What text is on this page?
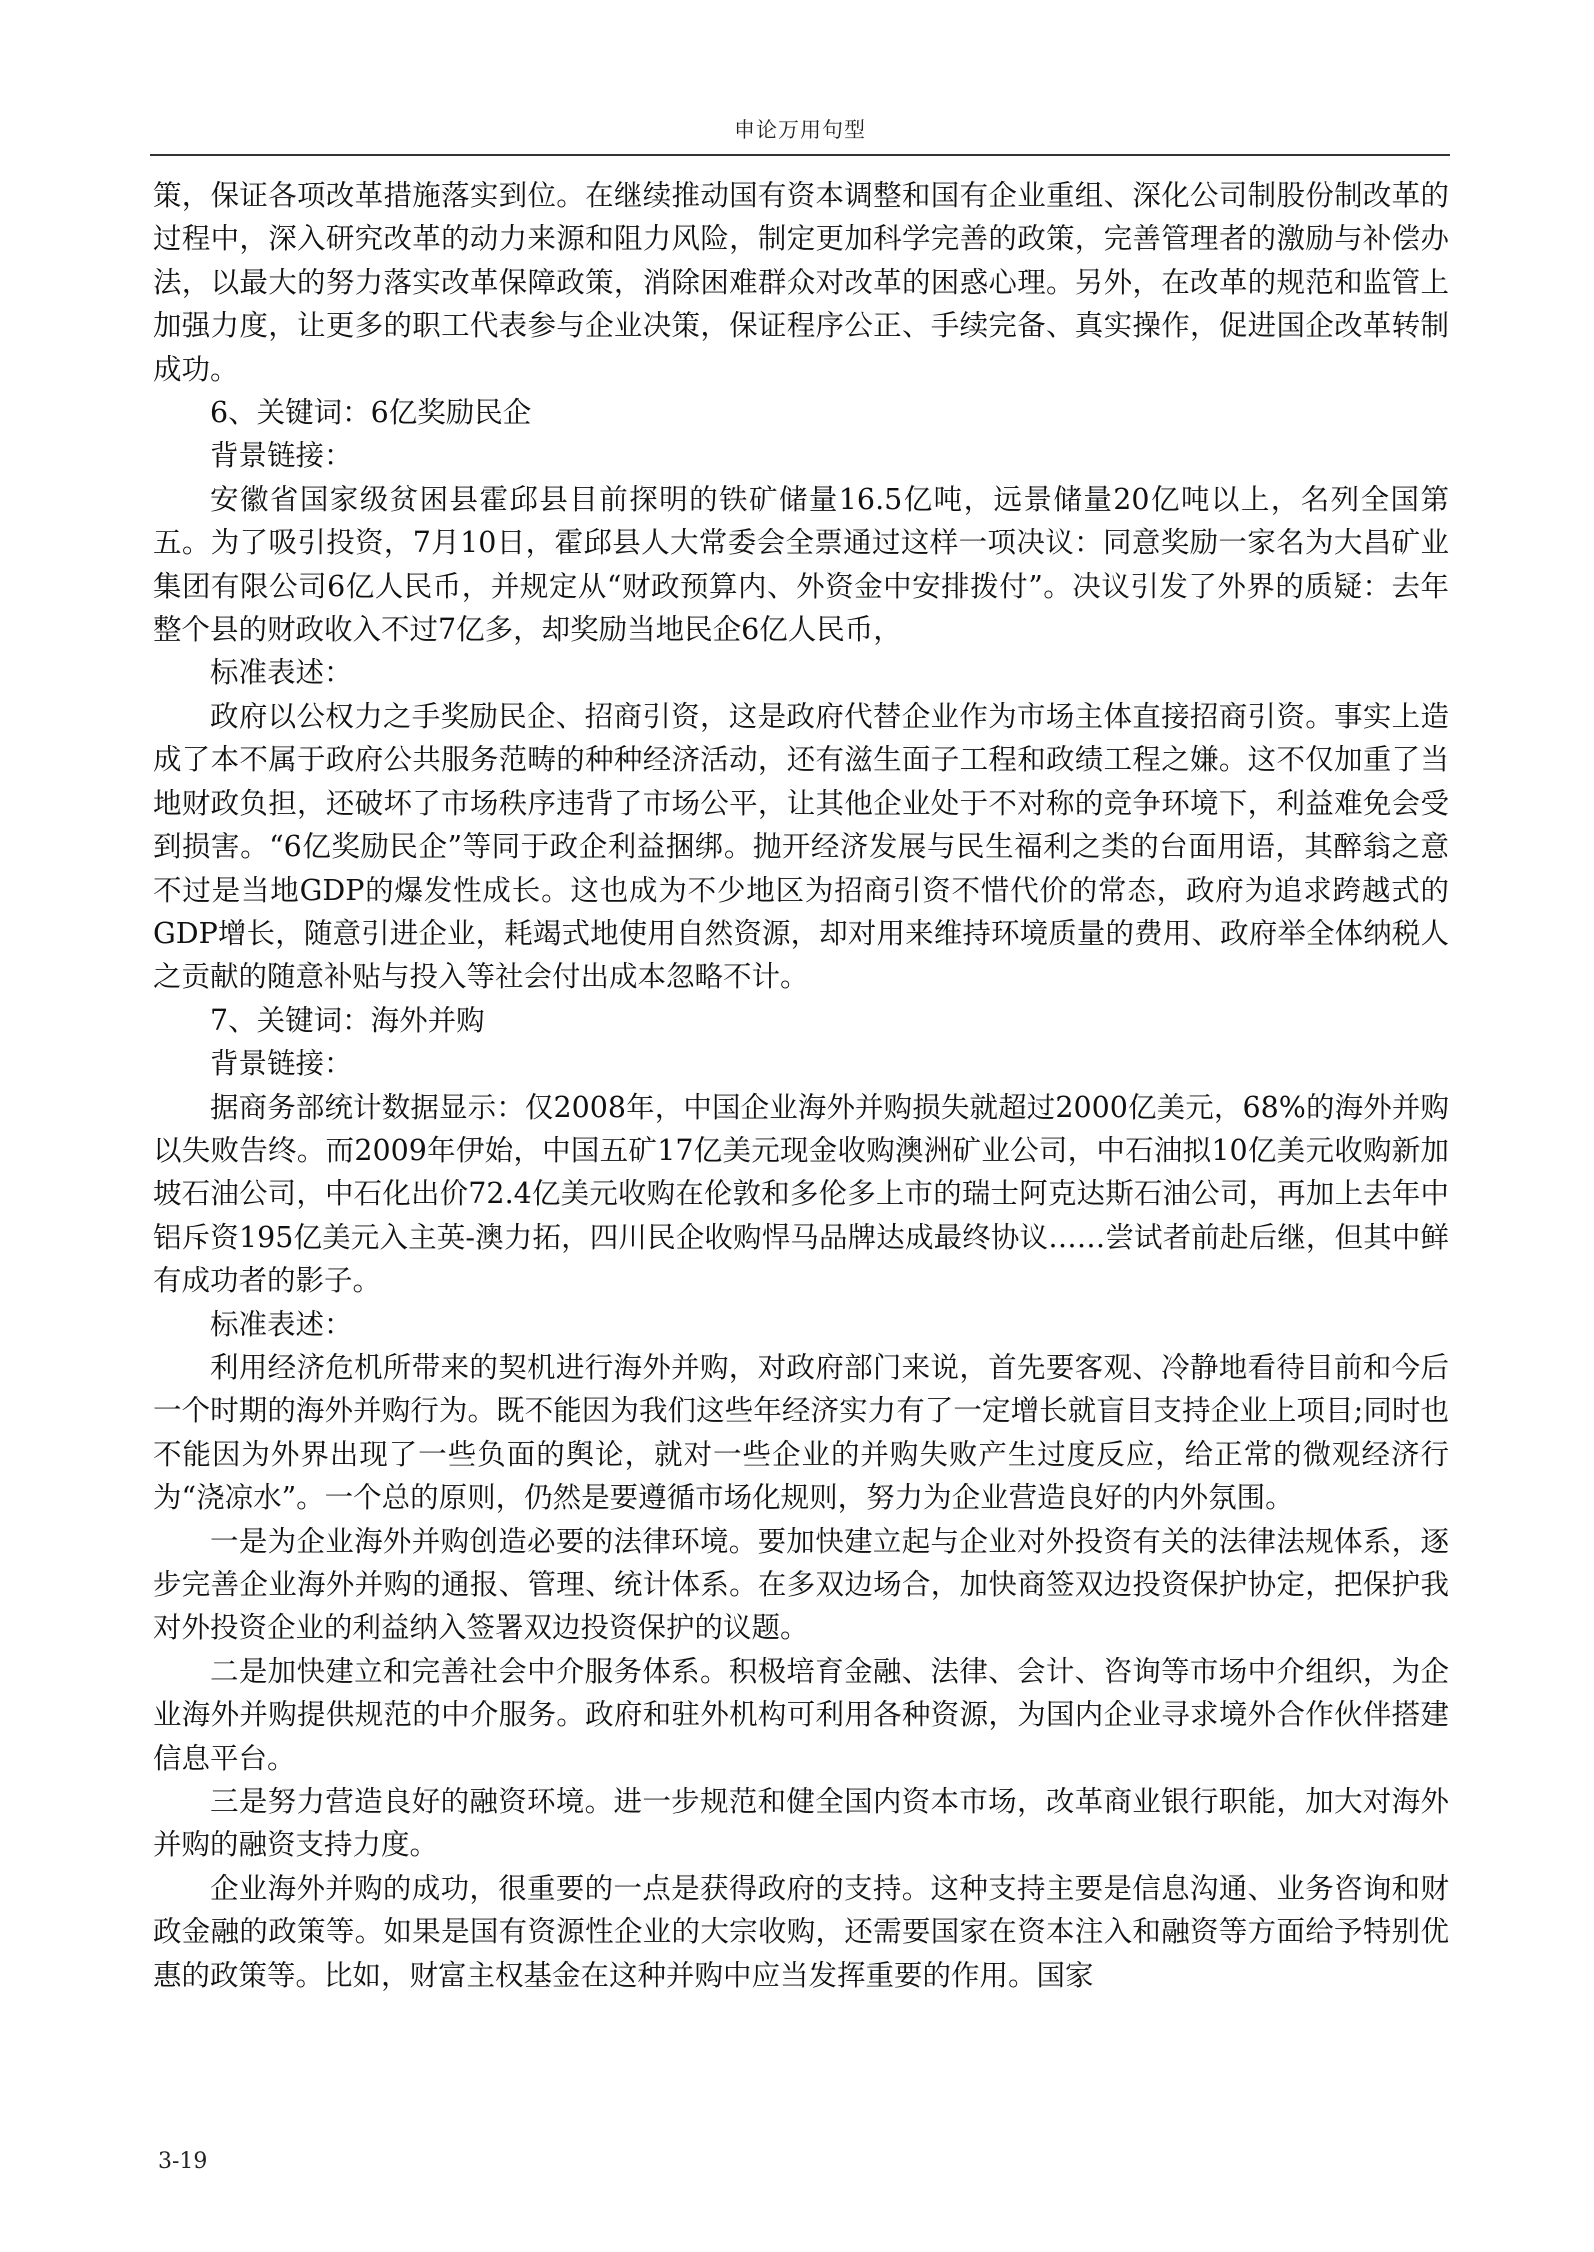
申论万用句型

策，保证各项改革措施落实到位。在继续推动国有资本调整和国有企业重组、深化公司制股份制改革的过程中，深入研究改革的动力来源和阻力风险，制定更加科学完善的政策，完善管理者的激励与补偿办法，以最大的努力落实改革保障政策，消除困难群众对改革的困惑心理。另外，在改革的规范和监管上加强力度，让更多的职工代表参与企业决策，保证程序公正、手续完备、真实操作，促进国企改革转制成功。

6、关键词：6亿奖励民企

背景链接：

安徽省国家级贫困县霍邱县目前探明的铁矿储量16.5亿吨，远景储量20亿吨以上，名列全国第五。为了吸引投资，7月10日，霍邱县人大常委会全票通过这样一项决议：同意奖励一家名为大昌矿业集团有限公司6亿人民币，并规定从“财政预算内、外资金中安排拨付”。决议引发了外界的质疑：去年整个县的财政收入不过7亿多，却奖励当地民企6亿人民币，

标准表述：

政府以公权力之手奖励民企、招商引资，这是政府代替企业作为市场主体直接招商引资。事实上造成了本不属于政府公共服务范畴的种种经济活动，还有滋生面子工程和政绩工程之嫌。这不仅加重了当地财政负担，还破坏了市场秩序违背了市场公平，让其他企业处于不对称的竞争环境下，利益难免会受到损害。“6亿奖励民企”等同于政企利益捆绑。抛开经济发展与民生福利之类的台面用语，其醉翁之意不过是当地GDP的爆发性成长。这也成为不少地区为招商引资不惜代价的常态，政府为追求跨越式的GDP增长，随意引进企业，耗竭式地使用自然资源，却对用来维持环境质量的费用、政府举全体纳税人之贡献的随意补贴与投入等社会付出成本忽略不计。

7、关键词：海外并购

背景链接：

据商务部统计数据显示：仅2008年，中国企业海外并购损失就超过2000亿美元，68%的海外并购以失败告终。而2009年伊始，中国五矿17亿美元现金收购澳洲矿业公司，中石油拟10亿美元收购新加坡石油公司，中石化出价72.4亿美元收购在伦敦和多伦多上市的瑞士阿克达斯石油公司，再加上去年中铝斥资195亿美元入主英-澳力拓，四川民企收购悍马品牌达成最终协议……尝试者前赴后继，但其中鲜有成功者的影子。

标准表述：

利用经济危机所带来的契机进行海外并购，对政府部门来说，首先要客观、冷静地看待目前和今后一个时期的海外并购行为。既不能因为我们这些年经济实力有了一定增长就盲目支持企业上项目;同时也不能因为外界出现了一些负面的舆论，就对一些企业的并购失败产生过度反应，给正常的微观经济行为“浇凉水”。一个总的原则，仍然是要遵循市场化规则，努力为企业营造良好的内外氛围。

一是为企业海外并购创造必要的法律环境。要加快建立起与企业对外投资有关的法律法规体系，逐步完善企业海外并购的通报、管理、统计体系。在多双边场合，加快商签双边投资保护协定，把保护我对外投资企业的利益纳入签署双边投资保护的议题。

二是加快建立和完善社会中介服务体系。积极培育金融、法律、会计、咨询等市场中介组织，为企业海外并购提供规范的中介服务。政府和驻外机构可利用各种资源，为国内企业寻求境外合作伙伴搭建信息平台。

三是努力营造良好的融资环境。进一步规范和健全国内资本市场，改革商业银行职能，加大对海外并购的融资支持力度。

企业海外并购的成功，很重要的一点是获得政府的支持。这种支持主要是信息沟通、业务咨询和财政金融的政策等。如果是国有资源性企业的大宗收购，还需要国家在资本注入和融资等方面给予特别优惠的政策等。比如，财富主权基金在这种并购中应当发挥重要的作用。国家

3-19
